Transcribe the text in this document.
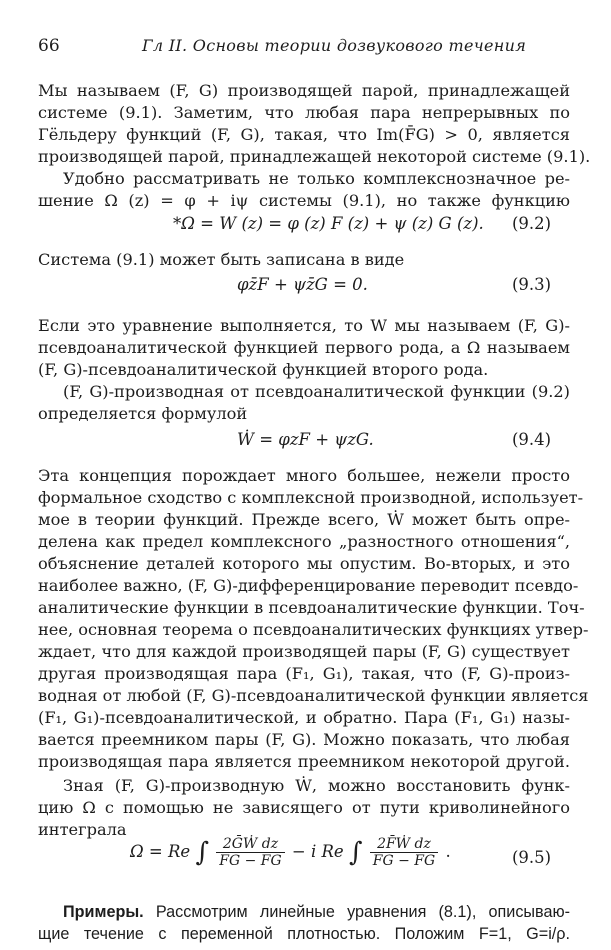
66	Гл II. Основы теории дозвукового течения
Мы называем (F, G) производящей парой, принадлежащей
системе (9.1). Заметим, что любая пара непрерывных по
Гёльдеру функций (F, G), такая, что Im(F̄G) > 0, является
производящей парой, принадлежащей некоторой системе (9.1).
Удобно рассматривать не только комплекснозначное ре-
шение Ω (z) = φ + iψ системы (9.1), но также функцию
*Ω = W (z) = φ (z) F (z) + ψ (z) G (z). (9.2)
Система (9.1) может быть записана в виде
φz̄F + ψz̄G = 0.	(9.3)
Если это уравнение выполняется, то W мы называем (F, G)-
псевдоаналитической функцией первого рода, а Ω называем
(F, G)-псевдоаналитической функцией второго рода.
(F, G)-производная от псевдоаналитической функции (9.2)
определяется формулой
Ẇ = φzF + ψzG.	(9.4)
Эта концепция порождает много большее, нежели просто
формальное сходство с комплексной производной, использует-
мое в теории функций. Прежде всего, Ẇ может быть опре-
делена как предел комплексного „разностного отношения“,
объяснение деталей которого мы опустим. Во-вторых, и это
наиболее важно, (F, G)-дифференцирование переводит псевдо-
аналитические функции в псевдоаналитические функции. Точ-
нее, основная теорема о псевдоаналитических функциях утвер-
ждает, что для каждой производящей пары (F, G) существует
другая производящая пара (F₁, G₁), такая, что (F, G)-произ-
водная от любой (F, G)-псевдоаналитической функции является
(F₁, G₁)-псевдоаналитической, и обратно. Пара (F₁, G₁) назы-
вается преемником пары (F, G). Можно показать, что любая
производящая пара является преемником некоторой другой.
Зная (F, G)-производную Ẇ, можно восстановить функ-
цию Ω с помощью не зависящего от пути криволинейного
интеграла
Ω = Re ∫ $\frac{\text{2ḠẆ dz}}{F̄G - F̄G} - i$ Re ∫ $\frac{\text{2F̄Ẇ dz}}{F̄G - F̄G}$ .	(9.5)
Примеры. Рассмотрим линейные уравнения (8.1), описываю-
щие течение с переменной плотностью. Положим F=1, G=i/ρ.
